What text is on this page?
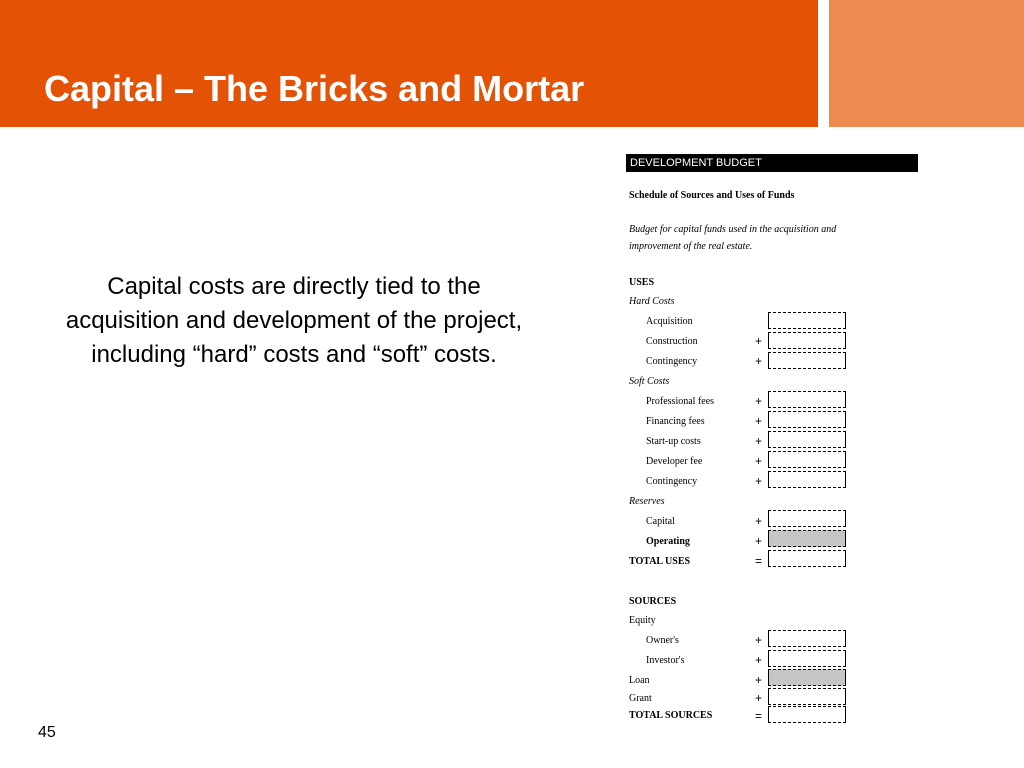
Capital – The Bricks and Mortar
Capital costs are directly tied to the acquisition and development of the project, including “hard” costs and “soft” costs.
45
DEVELOPMENT BUDGET
Schedule of Sources and Uses of Funds
Budget for capital funds used in the acquisition and
improvement of the real estate.
USES
Hard Costs
Acquisition
Construction	+
Contingency	+
Soft Costs
Professional fees	+
Financing fees	+
Start-up costs	+
Developer fee	+
Contingency	+
Reserves
Capital	+
Operating	+
TOTAL USES	=
SOURCES
Equity
Owner's	+
Investor's	+
Loan	+
Grant	+
TOTAL SOURCES	=
